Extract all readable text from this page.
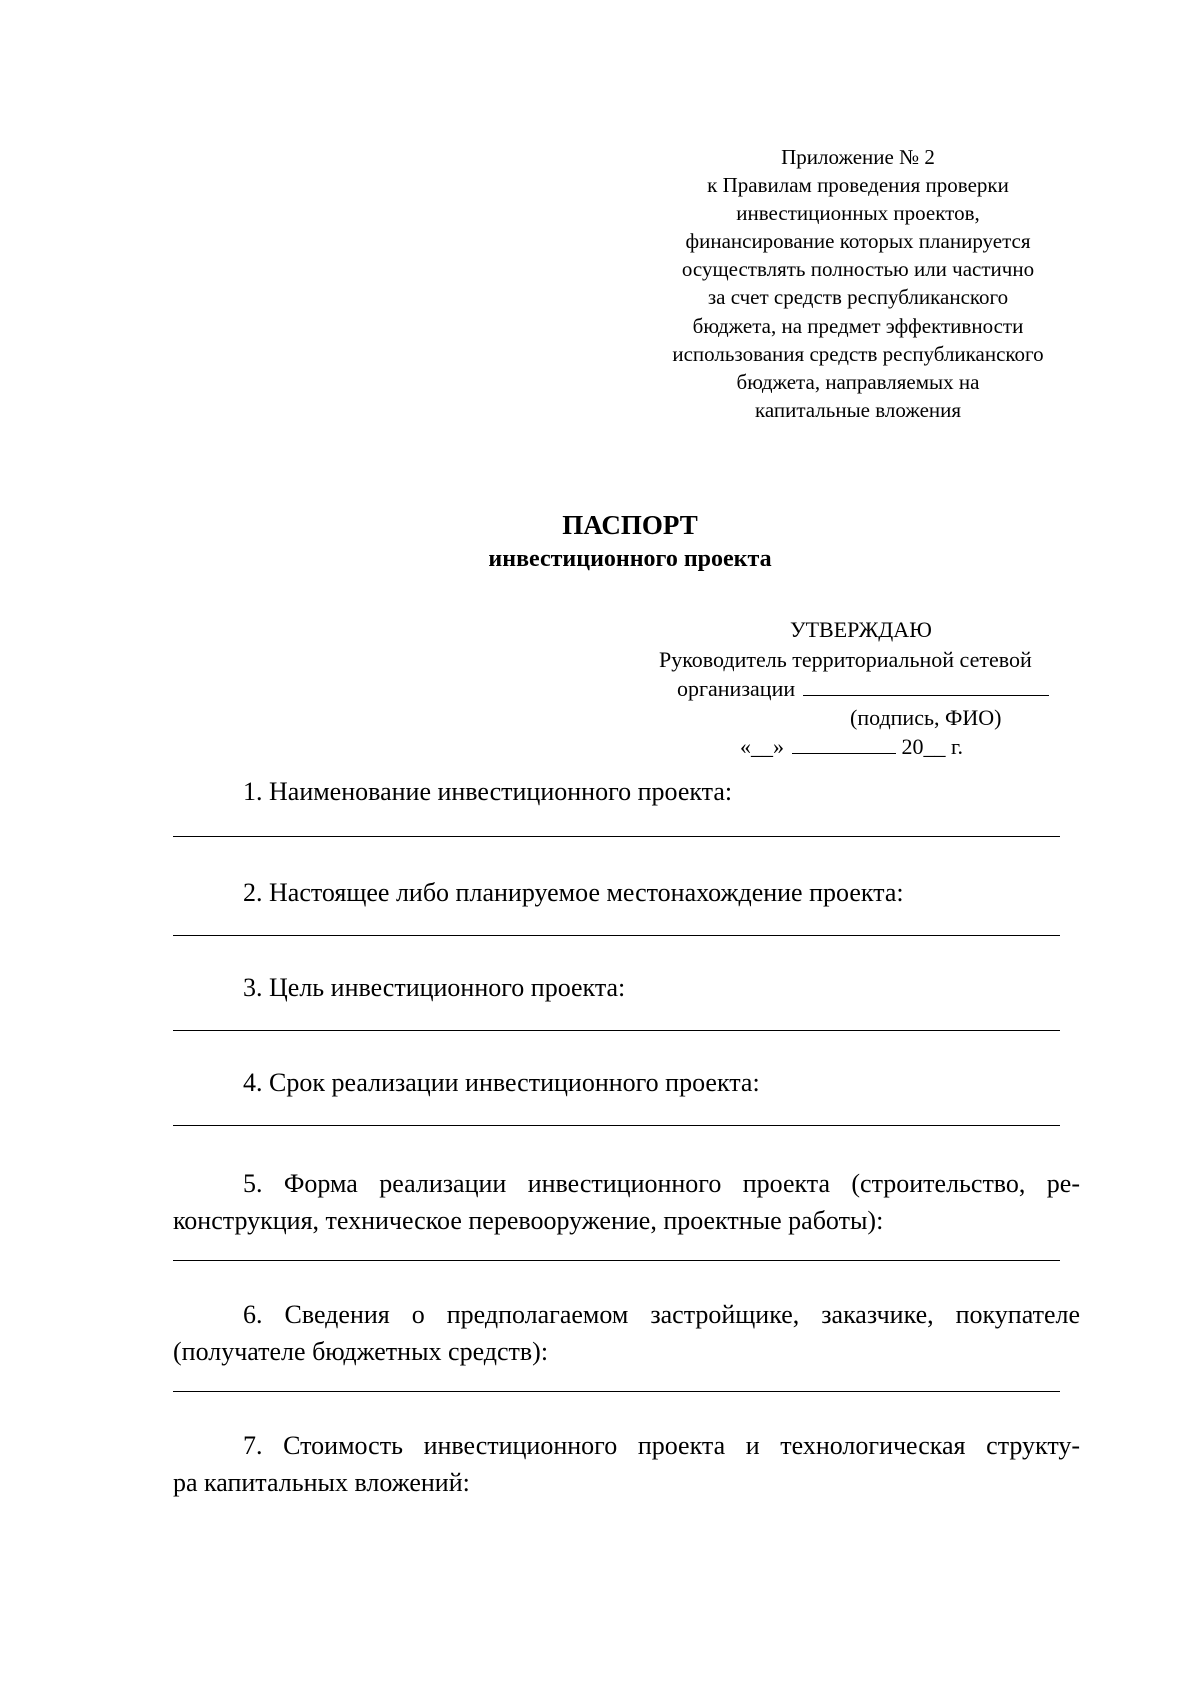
Приложение № 2
к Правилам проведения проверки
инвестиционных проектов,
финансирование которых планируется
осуществлять полностью или частично
за счет средств республиканского
бюджета, на предмет эффективности
использования средств республиканского
бюджета, направляемых на
капитальные вложения
ПАСПОРТ
инвестиционного проекта
УТВЕРЖДАЮ
Руководитель территориальной сетевой
организации
(подпись, ФИО)
«__»	20__ г.
1. Наименование инвестиционного проекта:
2. Настоящее либо планируемое местонахождение проекта:
3. Цель инвестиционного проекта:
4. Срок реализации инвестиционного проекта:
5. Форма реализации инвестиционного проекта (строительство, ре-
конструкция, техническое перевооружение, проектные работы):
6. Сведения о предполагаемом застройщике, заказчике, покупателе
(получателе бюджетных средств):
7. Стоимость инвестиционного проекта и технологическая структу-
ра капитальных вложений:
